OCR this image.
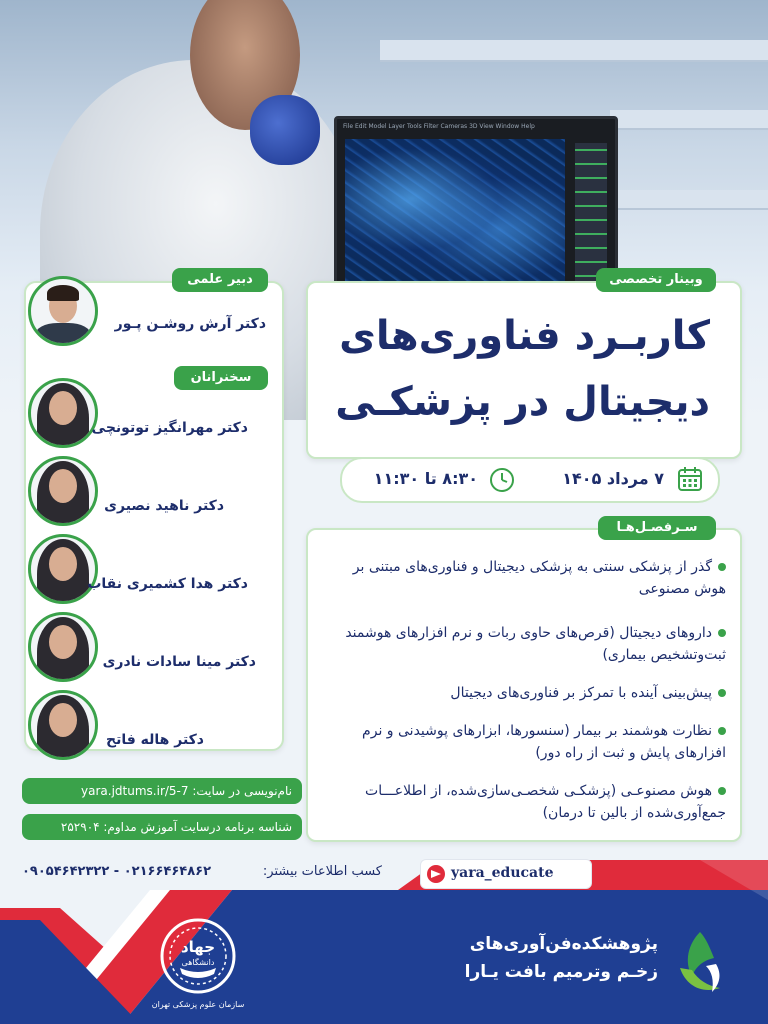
File Edit Model Layer Tools Filter Cameras 3D View Window Help
دبیر علمی
دکتر آرش روشـن پـور
سخنرانان
دکتر مهرانگیز توتونچی
دکتر ناهید نصیری
دکتر هدا کشمیری نقاب
دکتر مینا سادات نادری
دکتر هاله فاتح
نام‌نویسی در سایت: yara.jdtums.ir/5-7
شناسه برنامه درسایت آموزش مداوم: ۲۵۲۹۰۴
کاربـرد فناوری‌های
دیجیتال در پزشکـی
وبینار تخصصی
۷ مرداد ۱۴۰۵
۸:۳۰ تا ۱۱:۳۰
گذر از پزشکی سنتی به پزشکی دیجیتال و فناوری‌های مبتنی بر هوش مصنوعی
داروهای دیجیتال (قرص‌های حاوی ربات و نرم افزارهای هوشمند ثبت‌وتشخیص بیماری)
پیش‌بینی آینده با تمرکز بر فناوری‌های دیجیتال
نظارت هوشمند بر بیمار (سنسورها، ابزارهای پوشیدنی و نرم افزارهای پایش و ثبت از راه دور)
هوش مصنوعـی (پزشکـی شخصـی‌سازی‌شده، از اطلاعـــات جمع‌آوری‌شده از بالین تا درمان)
سـرفصـل‌هـا
کسب اطلاعات بیشتر:
۰۹۰۵۴۶۴۲۳۲۲ - ۰۲۱۶۶۴۶۴۸۶۲	yara_educate
جهاد
دانشگاهی
سازمان علوم پزشکی تهران
پژوهشکده‌فن‌آوری‌های
زخـم وترمیم بافت یـارا
